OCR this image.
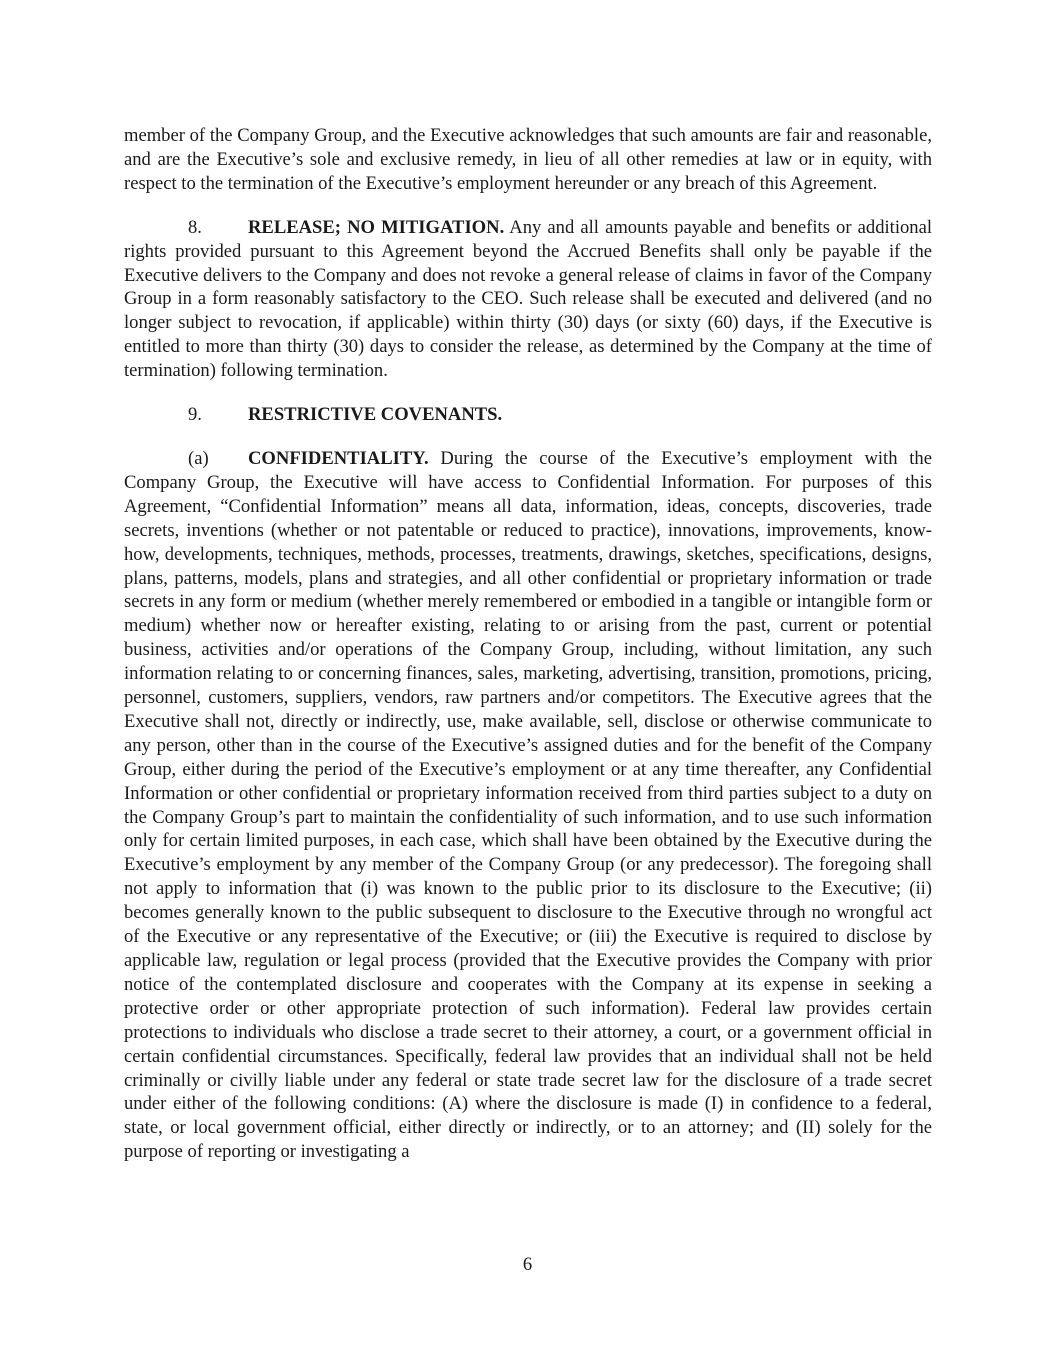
member of the Company Group, and the Executive acknowledges that such amounts are fair and reasonable, and are the Executive’s sole and exclusive remedy, in lieu of all other remedies at law or in equity, with respect to the termination of the Executive’s employment hereunder or any breach of this Agreement.

8. RELEASE; NO MITIGATION. Any and all amounts payable and benefits or additional rights provided pursuant to this Agreement beyond the Accrued Benefits shall only be payable if the Executive delivers to the Company and does not revoke a general release of claims in favor of the Company Group in a form reasonably satisfactory to the CEO. Such release shall be executed and delivered (and no longer subject to revocation, if applicable) within thirty (30) days (or sixty (60) days, if the Executive is entitled to more than thirty (30) days to consider the release, as determined by the Company at the time of termination) following termination.

9. RESTRICTIVE COVENANTS.

(a) CONFIDENTIALITY. During the course of the Executive’s employment with the Company Group, the Executive will have access to Confidential Information. For purposes of this Agreement, “Confidential Information” means all data, information, ideas, concepts, discoveries, trade secrets, inventions (whether or not patentable or reduced to practice), innovations, improvements, know-how, developments, techniques, methods, processes, treatments, drawings, sketches, specifications, designs, plans, patterns, models, plans and strategies, and all other confidential or proprietary information or trade secrets in any form or medium (whether merely remembered or embodied in a tangible or intangible form or medium) whether now or hereafter existing, relating to or arising from the past, current or potential business, activities and/or operations of the Company Group, including, without limitation, any such information relating to or concerning finances, sales, marketing, advertising, transition, promotions, pricing, personnel, customers, suppliers, vendors, raw partners and/or competitors. The Executive agrees that the Executive shall not, directly or indirectly, use, make available, sell, disclose or otherwise communicate to any person, other than in the course of the Executive’s assigned duties and for the benefit of the Company Group, either during the period of the Executive’s employment or at any time thereafter, any Confidential Information or other confidential or proprietary information received from third parties subject to a duty on the Company Group’s part to maintain the confidentiality of such information, and to use such information only for certain limited purposes, in each case, which shall have been obtained by the Executive during the Executive’s employment by any member of the Company Group (or any predecessor). The foregoing shall not apply to information that (i) was known to the public prior to its disclosure to the Executive; (ii) becomes generally known to the public subsequent to disclosure to the Executive through no wrongful act of the Executive or any representative of the Executive; or (iii) the Executive is required to disclose by applicable law, regulation or legal process (provided that the Executive provides the Company with prior notice of the contemplated disclosure and cooperates with the Company at its expense in seeking a protective order or other appropriate protection of such information). Federal law provides certain protections to individuals who disclose a trade secret to their attorney, a court, or a government official in certain confidential circumstances. Specifically, federal law provides that an individual shall not be held criminally or civilly liable under any federal or state trade secret law for the disclosure of a trade secret under either of the following conditions: (A) where the disclosure is made (I) in confidence to a federal, state, or local government official, either directly or indirectly, or to an attorney; and (II) solely for the purpose of reporting or investigating a

6
